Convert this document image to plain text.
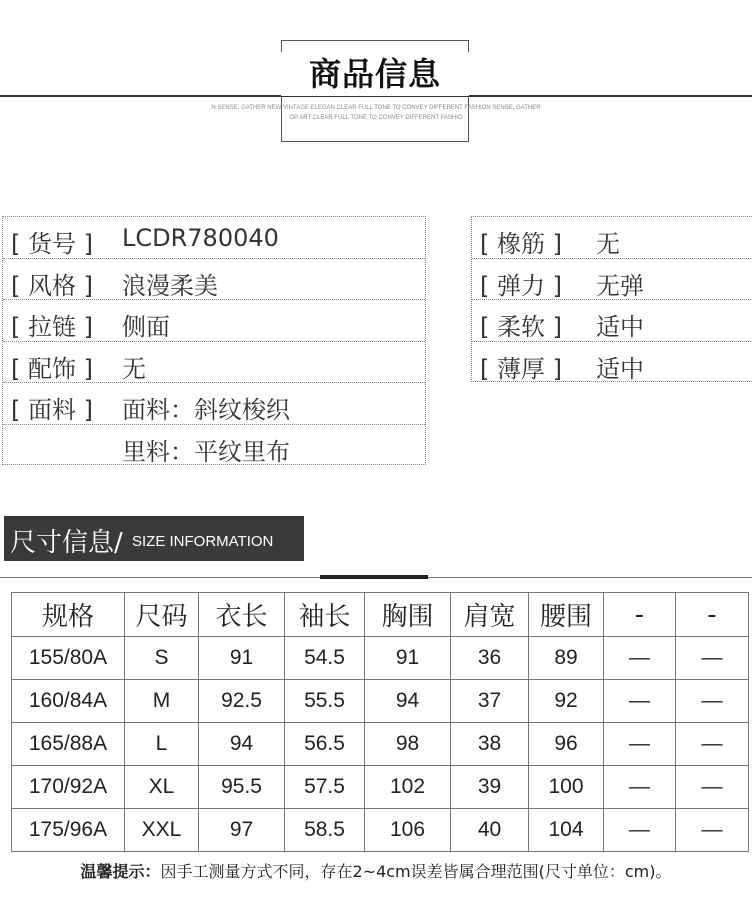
商品信息
N SENSE, GATHER NEW VINTAGE ELEGAN CLEAR FULL TONE TO CONVEY DIFFERENT FASHION SENSE, GATHER
OP ART CLEAR FULL TONE TO CONVEY DIFFERENT FASHIO
[ 货号 ] LCDR780040
[ 风格 ] 浪漫柔美
[ 拉链 ] 侧面
[ 配饰 ] 无
[ 面料 ] 面料：斜纹梭织
里料：平纹里布
[ 橡筋 ] 无
[ 弹力 ] 无弹
[ 柔软 ] 适中
[ 薄厚 ] 适中
尺寸信息/ SIZE INFORMATION
规格	尺码	衣长	袖长	胸围	肩宽	腰围	-	-
155/80A	S	91	54.5	91	36	89	—	—
160/84A	M	92.5	55.5	94	37	92	—	—
165/88A	L	94	56.5	98	38	96	—	—
170/92A	XL	95.5	57.5	102	39	100	—	—
175/96A	XXL	97	58.5	106	40	104	—	—
温馨提示：因手工测量方式不同，存在2~4cm误差皆属合理范围(尺寸单位：cm)。
